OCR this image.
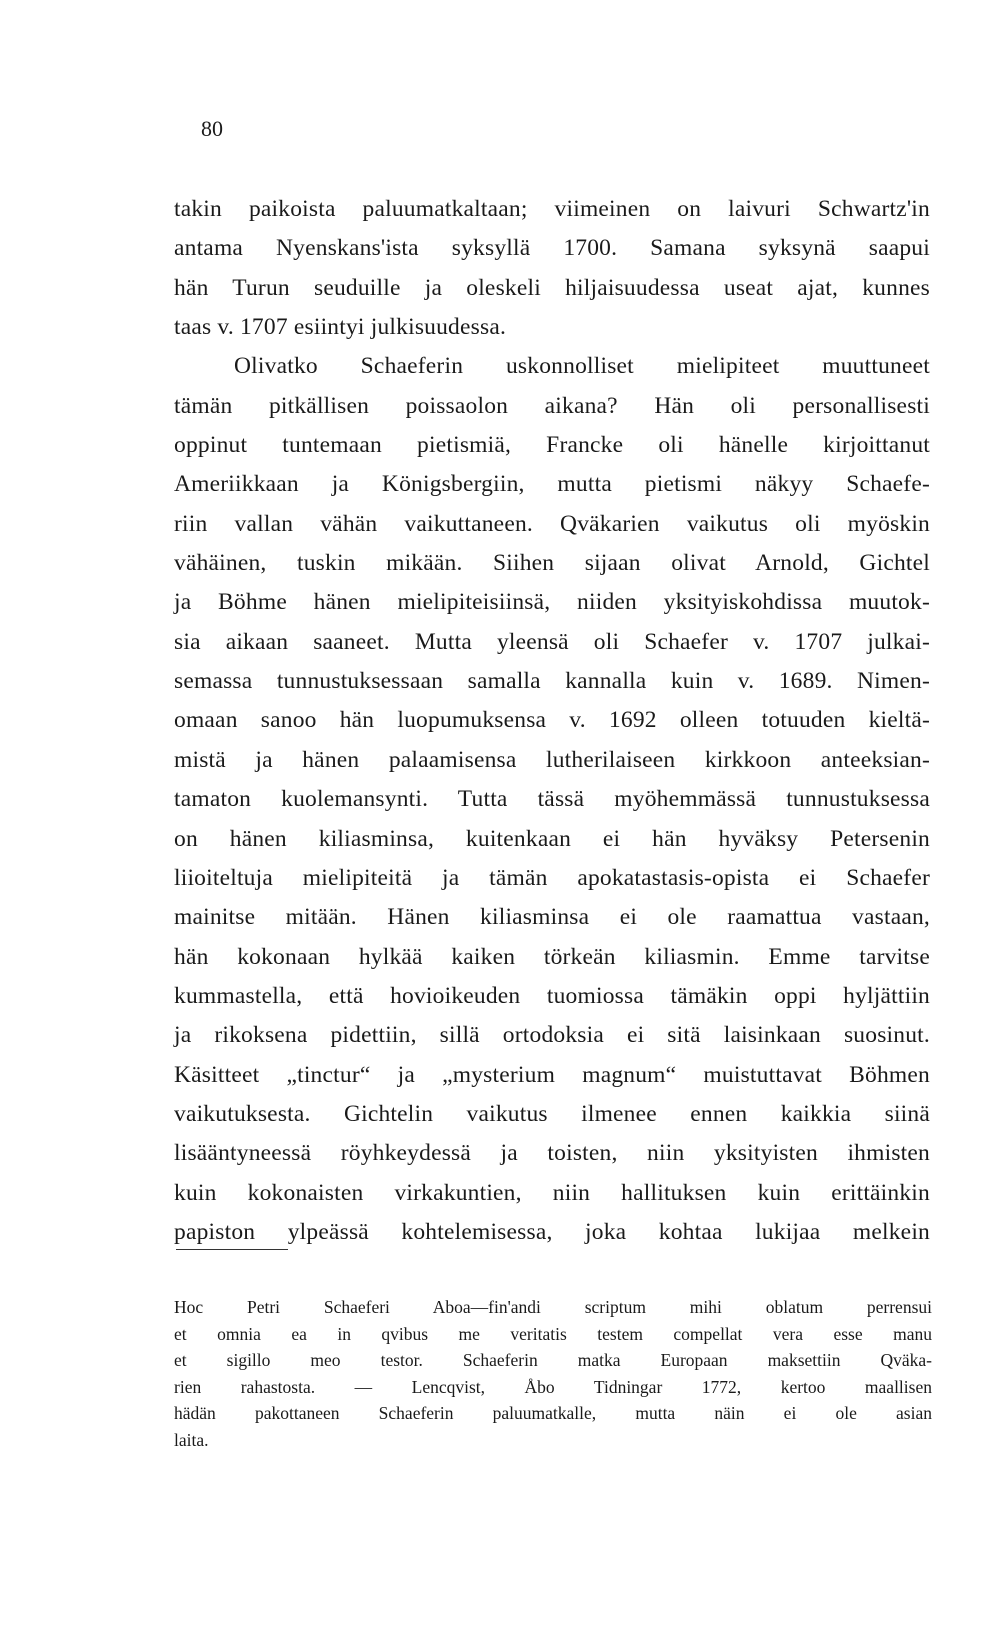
80
takin paikoista paluumatkaltaan; viimeinen on laivuri Schwartz'in
antama Nyenskans'ista syksyllä 1700. Samana syksynä saapui
hän Turun seuduille ja oleskeli hiljaisuudessa useat ajat, kunnes
taas v. 1707 esiintyi julkisuudessa.
Olivatko Schaeferin uskonnolliset mielipiteet muuttuneet
tämän pitkällisen poissaolon aikana? Hän oli personallisesti
oppinut tuntemaan pietismiä, Francke oli hänelle kirjoittanut
Ameriikkaan ja Königsbergiin, mutta pietismi näkyy Schaefe-
riin vallan vähän vaikuttaneen. Qväkarien vaikutus oli myöskin
vähäinen, tuskin mikään. Siihen sijaan olivat Arnold, Gichtel
ja Böhme hänen mielipiteisiinsä, niiden yksityiskohdissa muutok-
sia aikaan saaneet. Mutta yleensä oli Schaefer v. 1707 julkai-
semassa tunnustuksessaan samalla kannalla kuin v. 1689. Nimen-
omaan sanoo hän luopumuksensa v. 1692 olleen totuuden kieltä-
mistä ja hänen palaamisensa lutherilaiseen kirkkoon anteeksian-
tamaton kuolemansynti. Tutta tässä myöhemmässä tunnustuksessa
on hänen kiliasminsa, kuitenkaan ei hän hyväksy Petersenin
liioiteltuja mielipiteitä ja tämän apokatastasis-opista ei Schaefer
mainitse mitään. Hänen kiliasminsa ei ole raamattua vastaan,
hän kokonaan hylkää kaiken törkeän kiliasmin. Emme tarvitse
kummastella, että hovioikeuden tuomiossa tämäkin oppi hyljättiin
ja rikoksena pidettiin, sillä ortodoksia ei sitä laisinkaan suosinut.
Käsitteet „tinctur“ ja „mysterium magnum“ muistuttavat Böhmen
vaikutuksesta. Gichtelin vaikutus ilmenee ennen kaikkia siinä
lisääntyneessä röyhkeydessä ja toisten, niin yksityisten ihmisten
kuin kokonaisten virkakuntien, niin hallituksen kuin erittäinkin
papiston ylpeässä kohtelemisessa, joka kohtaa lukijaa melkein
Hoc Petri Schaeferi Aboa—fin'andi scriptum mihi oblatum perrensui
et omnia ea in qvibus me veritatis testem compellat vera esse manu
et sigillo meo testor. Schaeferin matka Europaan maksettiin Qväka-
rien rahastosta. — Lencqvist, Åbo Tidningar 1772, kertoo maallisen
hädän pakottaneen Schaeferin paluumatkalle, mutta näin ei ole asian
laita.
